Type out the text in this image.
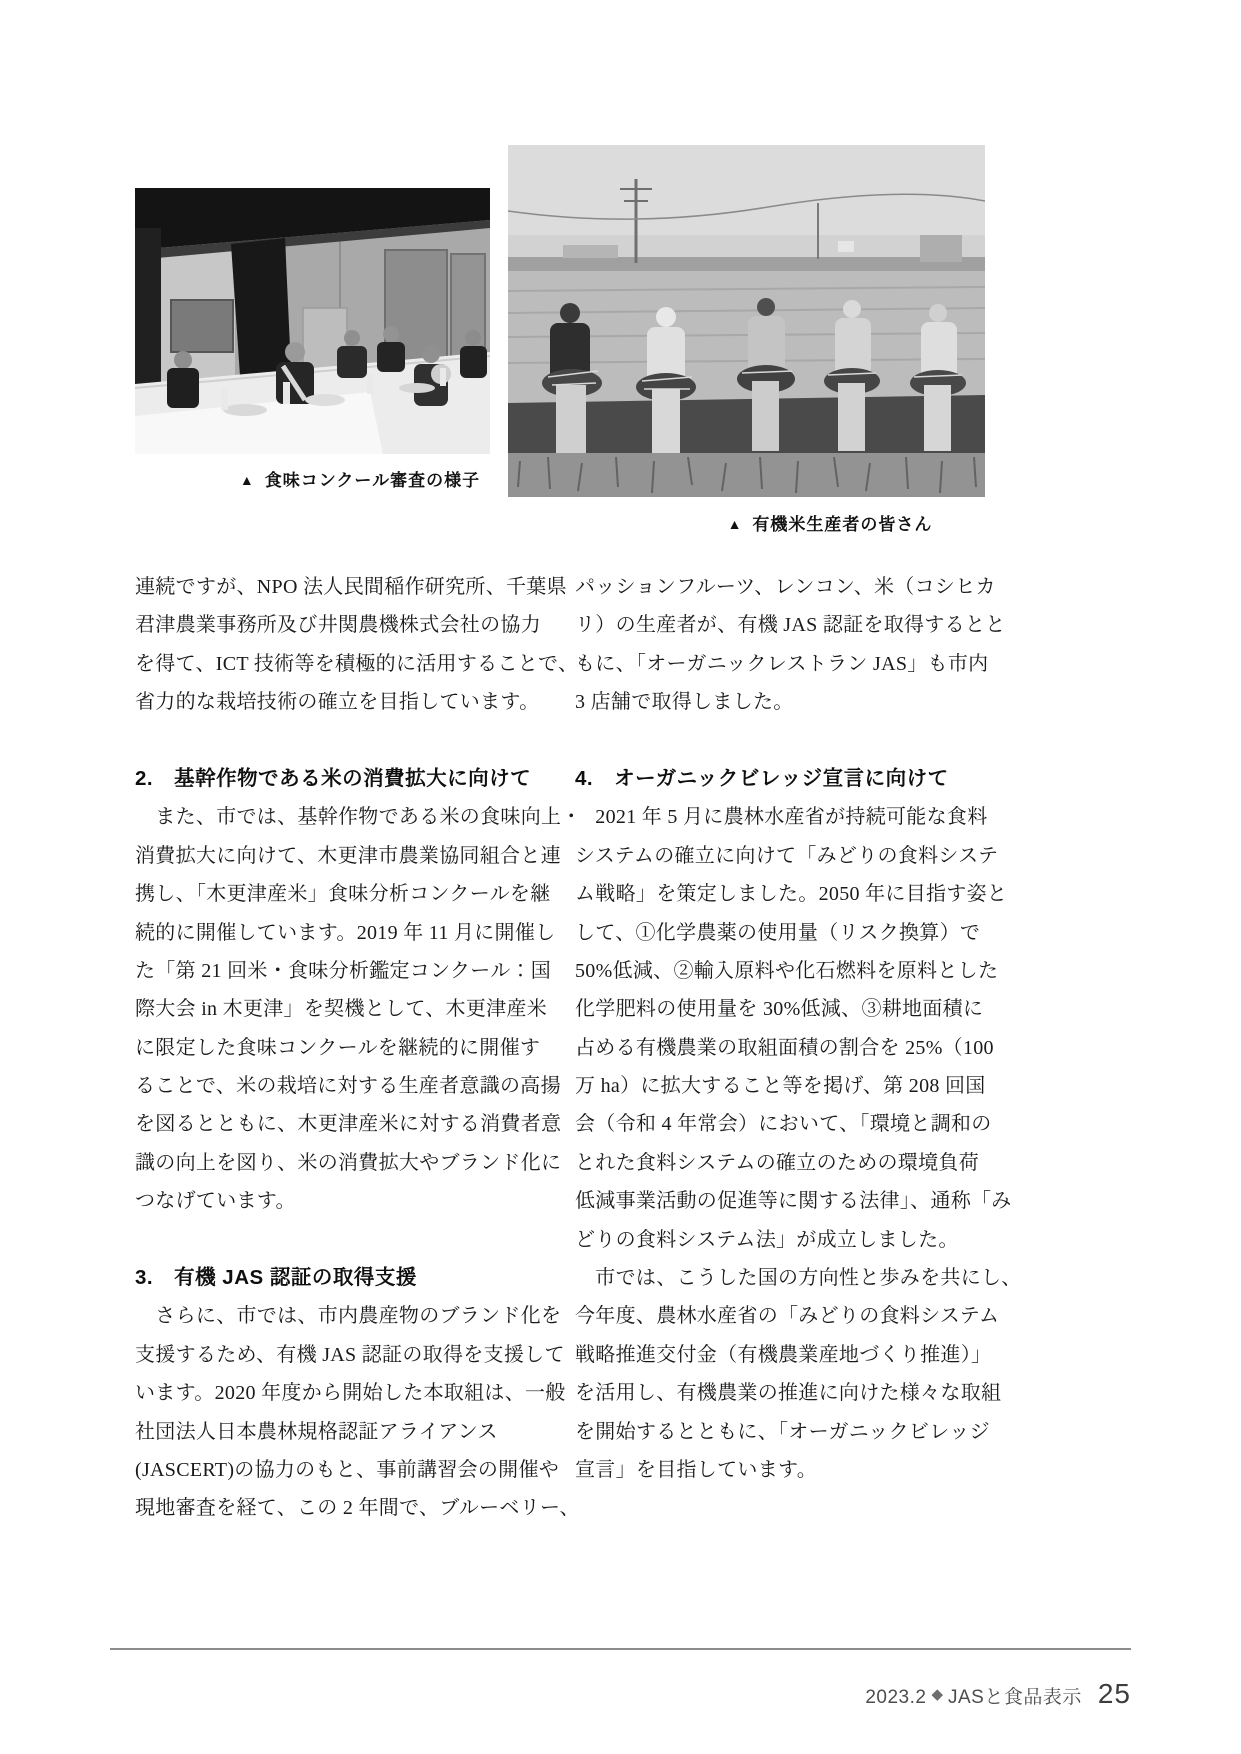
▲ 食味コンクール審査の様子
▲ 有機米生産者の皆さん
連続ですが、NPO 法人民間稲作研究所、千葉県
君津農業事務所及び井関農機株式会社の協力
を得て、ICT 技術等を積極的に活用することで、
省力的な栽培技術の確立を目指しています。
2.　基幹作物である米の消費拡大に向けて
　また、市では、基幹作物である米の食味向上・
消費拡大に向けて、木更津市農業協同組合と連
携し、「木更津産米」食味分析コンクールを継
続的に開催しています。2019 年 11 月に開催し
た「第 21 回米・食味分析鑑定コンクール：国
際大会 in 木更津」を契機として、木更津産米
に限定した食味コンクールを継続的に開催す
ることで、米の栽培に対する生産者意識の高揚
を図るとともに、木更津産米に対する消費者意
識の向上を図り、米の消費拡大やブランド化に
つなげています。
3.　有機 JAS 認証の取得支援
　さらに、市では、市内農産物のブランド化を
支援するため、有機 JAS 認証の取得を支援して
います。2020 年度から開始した本取組は、一般
社団法人日本農林規格認証アライアンス
(JASCERT)の協力のもと、事前講習会の開催や
現地審査を経て、この 2 年間で、ブルーベリー、
パッションフルーツ、レンコン、米（コシヒカ
リ）の生産者が、有機 JAS 認証を取得するとと
もに、「オーガニックレストラン JAS」も市内
3 店舗で取得しました。
4.　オーガニックビレッジ宣言に向けて
　2021 年 5 月に農林水産省が持続可能な食料
システムの確立に向けて「みどりの食料システ
ム戦略」を策定しました。2050 年に目指す姿と
して、①化学農薬の使用量（リスク換算）で
50%低減、②輸入原料や化石燃料を原料とした
化学肥料の使用量を 30%低減、③耕地面積に
占める有機農業の取組面積の割合を 25%（100
万 ha）に拡大すること等を掲げ、第 208 回国
会（令和 4 年常会）において、「環境と調和の
とれた食料システムの確立のための環境負荷
低減事業活動の促進等に関する法律」、通称「み
どりの食料システム法」が成立しました。
　市では、こうした国の方向性と歩みを共にし、
今年度、農林水産省の「みどりの食料システム
戦略推進交付金（有機農業産地づくり推進）」
を活用し、有機農業の推進に向けた様々な取組
を開始するとともに、「オーガニックビレッジ
宣言」を目指しています。
2023.2 ◆ JASと食品表示 25
